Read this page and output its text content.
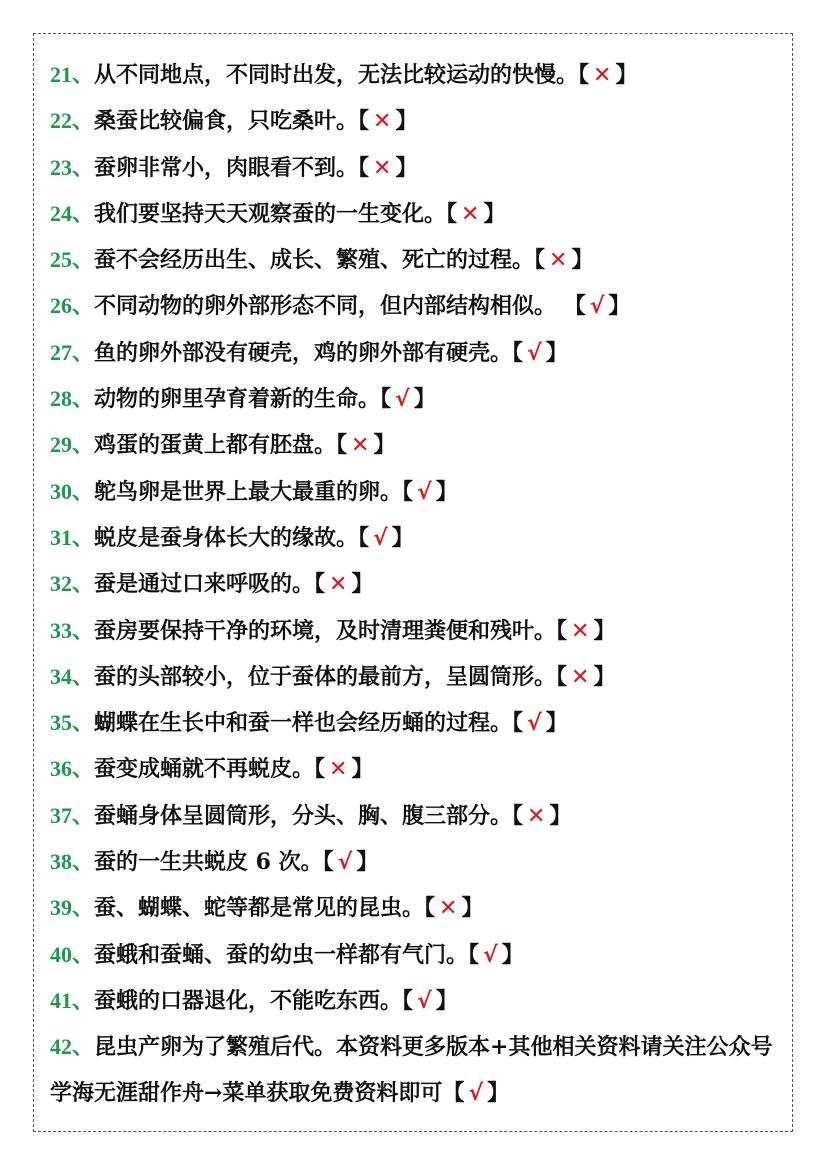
21、从不同地点，不同时出发，无法比较运动的快慢。【 ✕ 】
22、桑蚕比较偏食，只吃桑叶。【 ✕ 】
23、蚕卵非常小，肉眼看不到。【 ✕ 】
24、我们要坚持天天观察蚕的一生变化。【 ✕ 】
25、蚕不会经历出生、成长、繁殖、死亡的过程。【 ✕ 】
26、不同动物的卵外部形态不同，但内部结构相似。 【 √ 】
27、鱼的卵外部没有硬壳，鸡的卵外部有硬壳。【 √ 】
28、动物的卵里孕育着新的生命。【 √ 】
29、鸡蛋的蛋黄上都有胚盘。【 ✕ 】
30、鸵鸟卵是世界上最大最重的卵。【 √ 】
31、蜕皮是蚕身体长大的缘故。【 √ 】
32、蚕是通过口来呼吸的。【 ✕ 】
33、蚕房要保持干净的环境，及时清理粪便和残叶。【 ✕ 】
34、蚕的头部较小，位于蚕体的最前方，呈圆筒形。【 ✕ 】
35、蝴蝶在生长中和蚕一样也会经历蛹的过程。【 √ 】
36、蚕变成蛹就不再蜕皮。【 ✕ 】
37、蚕蛹身体呈圆筒形，分头、胸、腹三部分。【 ✕ 】
38、蚕的一生共蜕皮 6 次。【 √ 】
39、蚕、蝴蝶、蛇等都是常见的昆虫。【 ✕ 】
40、蚕蛾和蚕蛹、蚕的幼虫一样都有气门。【 √ 】
41、蚕蛾的口器退化，不能吃东西。【 √ 】
42、昆虫产卵为了繁殖后代。本资料更多版本+其他相关资料请关注公众号学海无涯甜作舟→菜单获取免费资料即可【 √ 】
